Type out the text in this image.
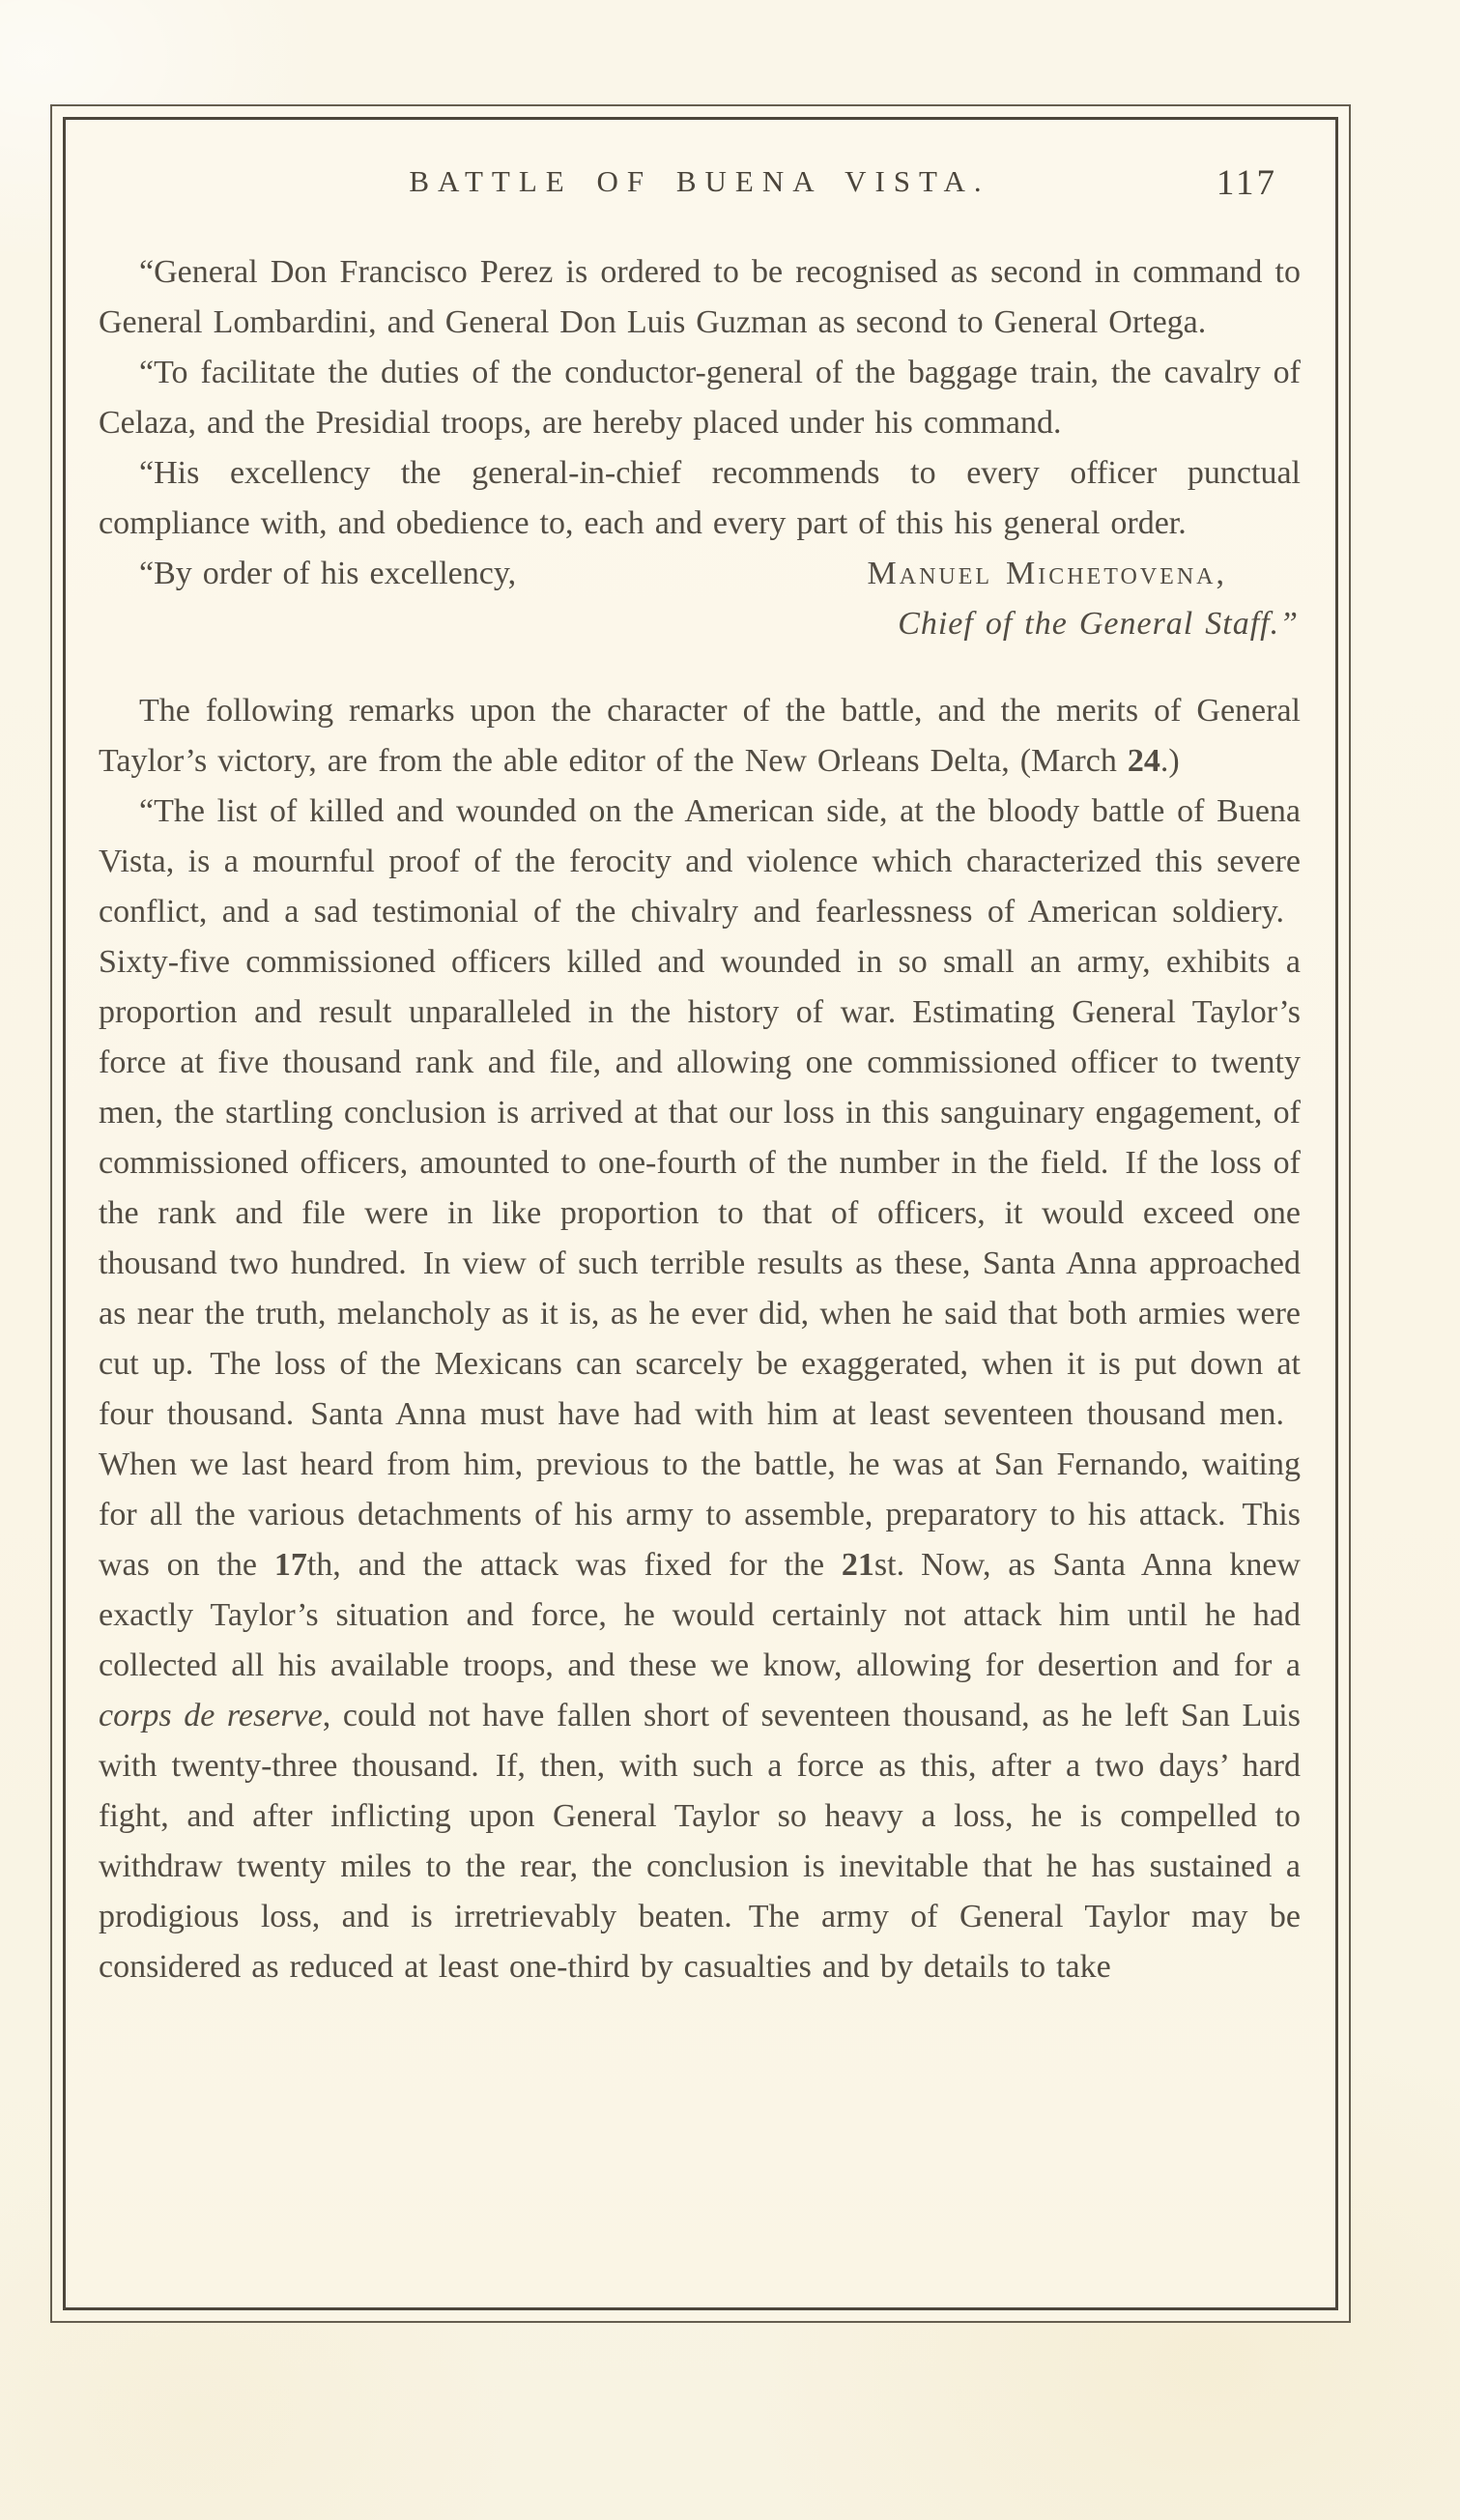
BATTLE OF BUENA VISTA.	117

“General Don Francisco Perez is ordered to be recognised as second in command to General Lombardini, and General Don Luis Guzman as second to General Ortega.

“To facilitate the duties of the conductor-general of the baggage train, the cavalry of Celaza, and the Presidial troops, are hereby placed under his command.

“His excellency the general-in-chief recommends to every officer punctual compliance with, and obedience to, each and every part of this his general order.

“By order of his excellency,	Manuel Michetovena,
Chief of the General Staff.”

The following remarks upon the character of the battle, and the merits of General Taylor’s victory, are from the able editor of the New Orleans Delta, (March 24.)

“The list of killed and wounded on the American side, at the bloody battle of Buena Vista, is a mournful proof of the ferocity and violence which characterized this severe conflict, and a sad testimonial of the chivalry and fearlessness of American soldiery. Sixty-five commissioned officers killed and wounded in so small an army, exhibits a proportion and result unparalleled in the history of war. Estimating General Taylor’s force at five thousand rank and file, and allowing one commissioned officer to twenty men, the startling conclusion is arrived at that our loss in this sanguinary engagement, of commissioned officers, amounted to one-fourth of the number in the field. If the loss of the rank and file were in like proportion to that of officers, it would exceed one thousand two hundred. In view of such terrible results as these, Santa Anna approached as near the truth, melancholy as it is, as he ever did, when he said that both armies were cut up. The loss of the Mexicans can scarcely be exaggerated, when it is put down at four thousand. Santa Anna must have had with him at least seventeen thousand men. When we last heard from him, previous to the battle, he was at San Fernando, waiting for all the various detachments of his army to assemble, preparatory to his attack. This was on the 17th, and the attack was fixed for the 21st. Now, as Santa Anna knew exactly Taylor’s situation and force, he would certainly not attack him until he had collected all his available troops, and these we know, allowing for desertion and for a corps de reserve, could not have fallen short of seventeen thousand, as he left San Luis with twenty-three thousand. If, then, with such a force as this, after a two days’ hard fight, and after inflicting upon General Taylor so heavy a loss, he is compelled to withdraw twenty miles to the rear, the conclusion is inevitable that he has sustained a prodigious loss, and is irretrievably beaten. The army of General Taylor may be considered as reduced at least one-third by casualties and by details to take
